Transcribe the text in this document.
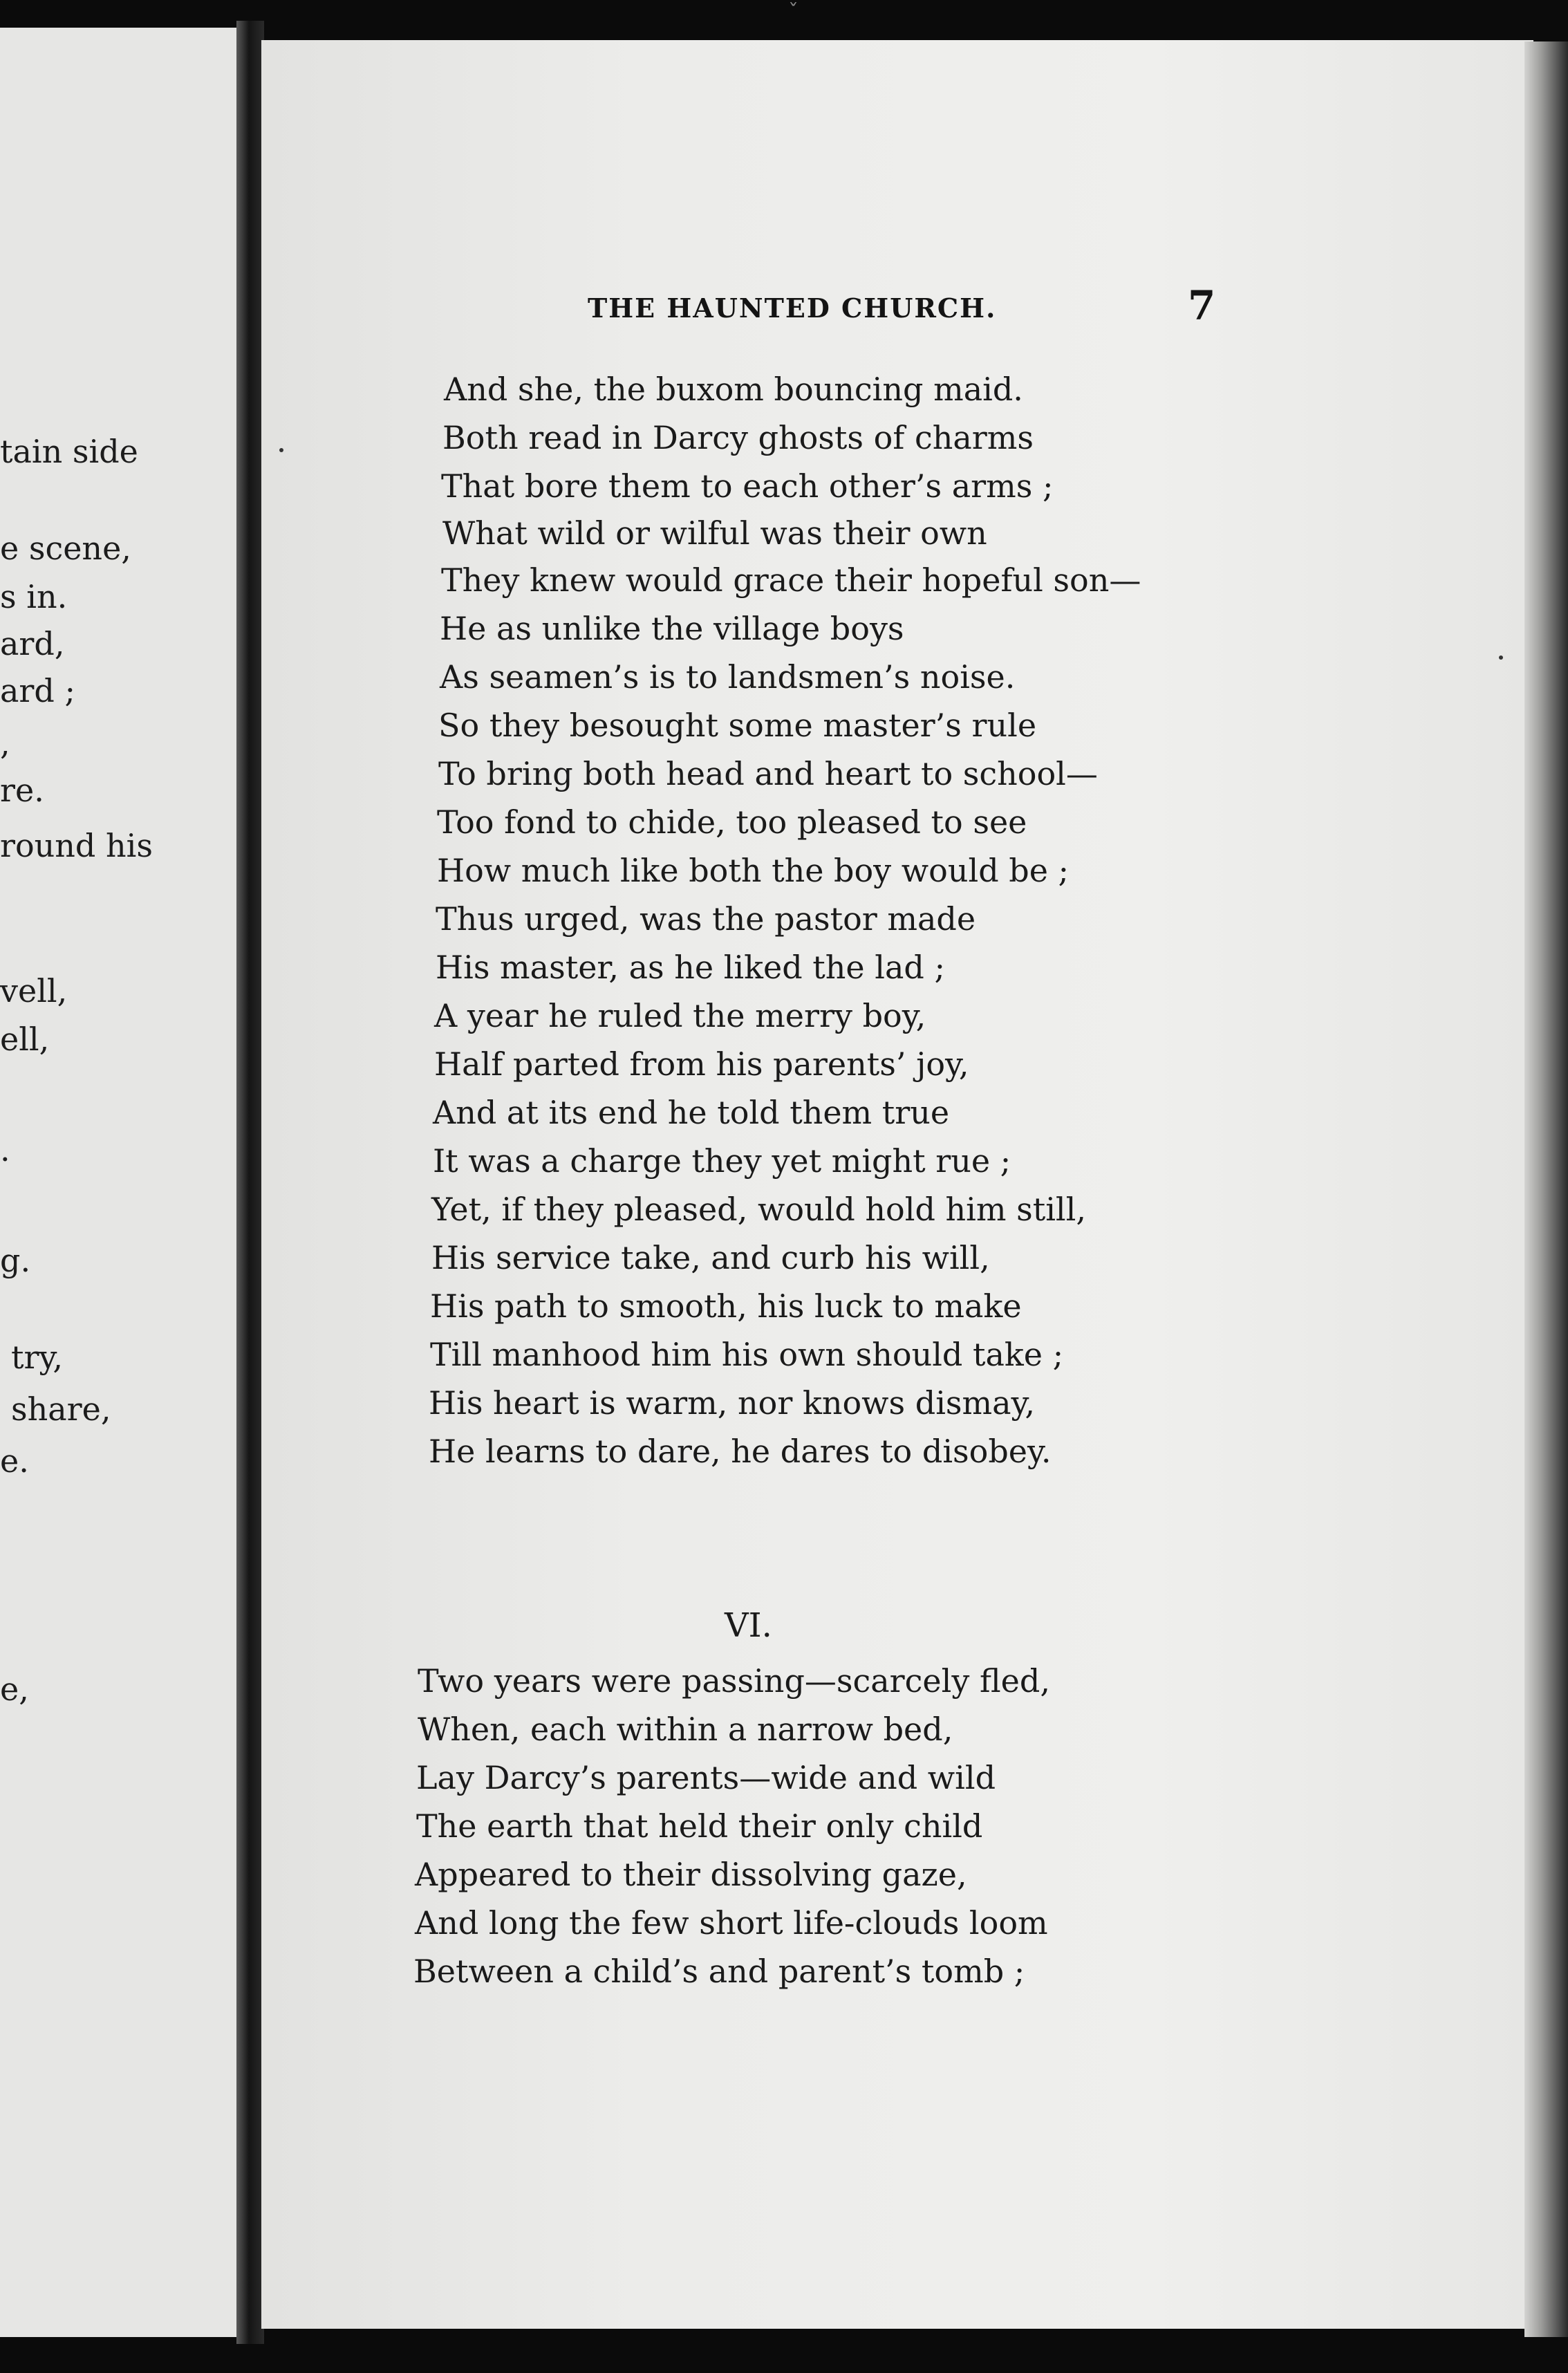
ˇ
tain side
e scene,
s in.
ard,
ard ;
,
re.
round his
vell,
ell,
.
g.
try,
share,
e.
e,
THE HAUNTED CHURCH.	7
And she, the buxom bouncing maid.
Both read in Darcy ghosts of charms
That bore them to each other’s arms ;
What wild or wilful was their own
They knew would grace their hopeful son—
He as unlike the village boys
As seamen’s is to landsmen’s noise.
So they besought some master’s rule
To bring both head and heart to school—
Too fond to chide, too pleased to see
How much like both the boy would be ;
Thus urged, was the pastor made
His master, as he liked the lad ;
A year he ruled the merry boy,
Half parted from his parents’ joy,
And at its end he told them true
It was a charge they yet might rue ;
Yet, if they pleased, would hold him still,
His service take, and curb his will,
His path to smooth, his luck to make
Till manhood him his own should take ;
His heart is warm, nor knows dismay,
He learns to dare, he dares to disobey.
VI.
Two years were passing—scarcely fled,
When, each within a narrow bed,
Lay Darcy’s parents—wide and wild
The earth that held their only child
Appeared to their dissolving gaze,
And long the few short life-clouds loom
Between a child’s and parent’s tomb ;
